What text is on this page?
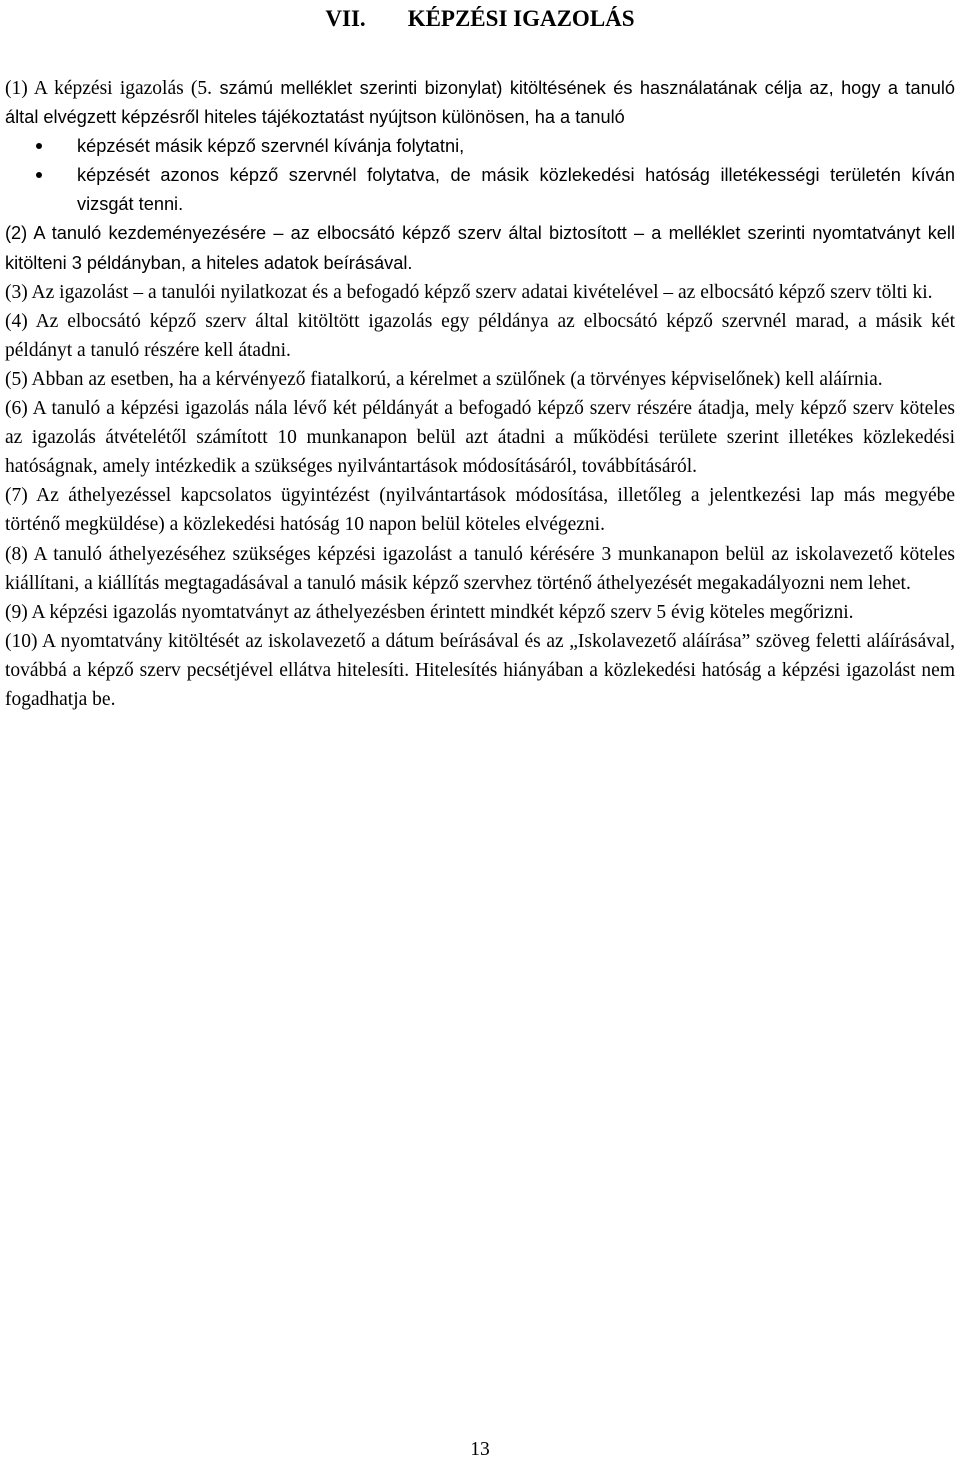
VII. KÉPZÉSI IGAZOLÁS

(1) A képzési igazolás (5. számú melléklet szerinti bizonylat) kitöltésének és használatának célja az, hogy a tanuló által elvégzett képzésről hiteles tájékoztatást nyújtson különösen, ha a tanuló

képzését másik képző szervnél kívánja folytatni,
képzését azonos képző szervnél folytatva, de másik közlekedési hatóság illetékességi területén kíván vizsgát tenni.

(2) A tanuló kezdeményezésére – az elbocsátó képző szerv által biztosított – a melléklet szerinti nyomtatványt kell kitölteni 3 példányban, a hiteles adatok beírásával.

(3) Az igazolást – a tanulói nyilatkozat és a befogadó képző szerv adatai kivételével – az elbocsátó képző szerv tölti ki.

(4) Az elbocsátó képző szerv által kitöltött igazolás egy példánya az elbocsátó képző szervnél marad, a másik két példányt a tanuló részére kell átadni.

(5) Abban az esetben, ha a kérvényező fiatalkorú, a kérelmet a szülőnek (a törvényes képviselőnek) kell aláírnia.

(6) A tanuló a képzési igazolás nála lévő két példányát a befogadó képző szerv részére átadja, mely képző szerv köteles az igazolás átvételétől számított 10 munkanapon belül azt átadni a működési területe szerint illetékes közlekedési hatóságnak, amely intézkedik a szükséges nyilvántartások módosításáról, továbbításáról.

(7) Az áthelyezéssel kapcsolatos ügyintézést (nyilvántartások módosítása, illetőleg a jelentkezési lap más megyébe történő megküldése) a közlekedési hatóság 10 napon belül köteles elvégezni.

(8) A tanuló áthelyezéséhez szükséges képzési igazolást a tanuló kérésére 3 munkanapon belül az iskolavezető köteles kiállítani, a kiállítás megtagadásával a tanuló másik képző szervhez történő áthelyezését megakadályozni nem lehet.

(9) A képzési igazolás nyomtatványt az áthelyezésben érintett mindkét képző szerv 5 évig köteles megőrizni.

(10) A nyomtatvány kitöltését az iskolavezető a dátum beírásával és az „Iskolavezető aláírása” szöveg feletti aláírásával, továbbá a képző szerv pecsétjével ellátva hitelesíti. Hitelesítés hiányában a közlekedési hatóság a képzési igazolást nem fogadhatja be.

13
